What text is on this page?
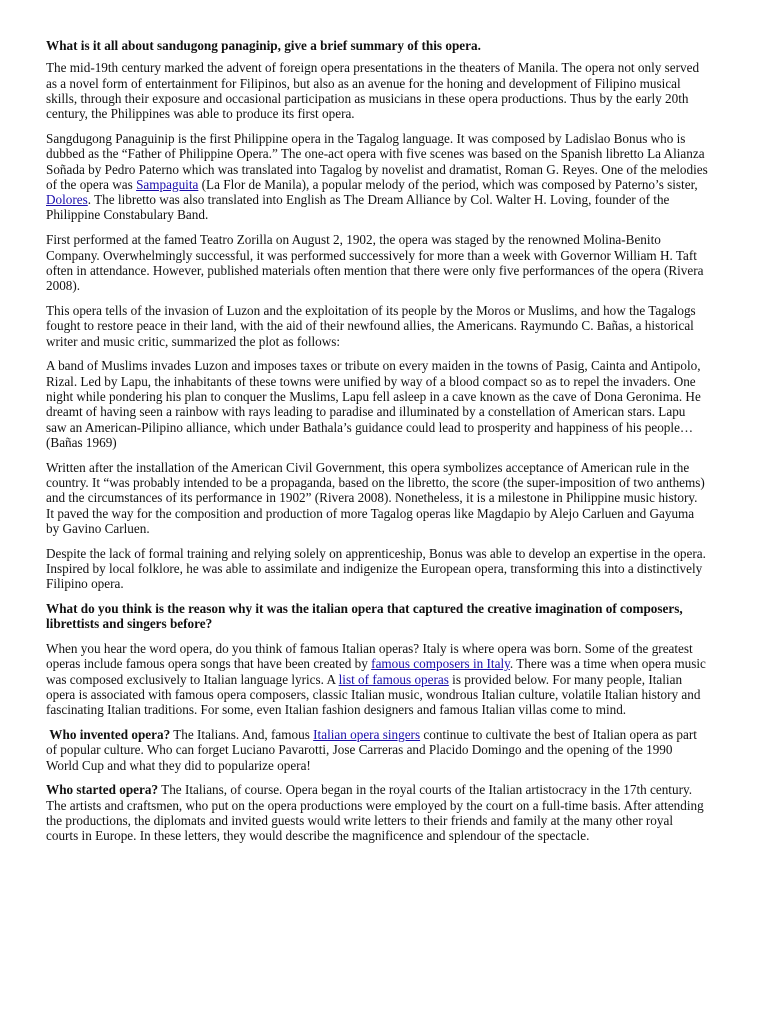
What is it all about sandugong panaginip, give a brief summary of this opera.

The mid-19th century marked the advent of foreign opera presentations in the theaters of Manila. The opera not only served as a novel form of entertainment for Filipinos, but also as an avenue for the honing and development of Filipino musical skills, through their exposure and occasional participation as musicians in these opera productions. Thus by the early 20th century, the Philippines was able to produce its first opera.

Sangdugong Panaguinip is the first Philippine opera in the Tagalog language. It was composed by Ladislao Bonus who is dubbed as the “Father of Philippine Opera.” The one-act opera with five scenes was based on the Spanish libretto La Alianza Soñada by Pedro Paterno which was translated into Tagalog by novelist and dramatist, Roman G. Reyes. One of the melodies of the opera was Sampaguita (La Flor de Manila), a popular melody of the period, which was composed by Paterno’s sister, Dolores. The libretto was also translated into English as The Dream Alliance by Col. Walter H. Loving, founder of the Philippine Constabulary Band.

First performed at the famed Teatro Zorilla on August 2, 1902, the opera was staged by the renowned Molina-Benito Company. Overwhelmingly successful, it was performed successively for more than a week with Governor William H. Taft often in attendance. However, published materials often mention that there were only five performances of the opera (Rivera 2008).

This opera tells of the invasion of Luzon and the exploitation of its people by the Moros or Muslims, and how the Tagalogs fought to restore peace in their land, with the aid of their newfound allies, the Americans. Raymundo C. Bañas, a historical writer and music critic, summarized the plot as follows:

A band of Muslims invades Luzon and imposes taxes or tribute on every maiden in the towns of Pasig, Cainta and Antipolo, Rizal. Led by Lapu, the inhabitants of these towns were unified by way of a blood compact so as to repel the invaders. One night while pondering his plan to conquer the Muslims, Lapu fell asleep in a cave known as the cave of Dona Geronima. He dreamt of having seen a rainbow with rays leading to paradise and illuminated by a constellation of American stars. Lapu saw an American-Pilipino alliance, which under Bathala’s guidance could lead to prosperity and happiness of his people… (Bañas 1969)

Written after the installation of the American Civil Government, this opera symbolizes acceptance of American rule in the country. It “was probably intended to be a propaganda, based on the libretto, the score (the super-imposition of two anthems) and the circumstances of its performance in 1902” (Rivera 2008). Nonetheless, it is a milestone in Philippine music history. It paved the way for the composition and production of more Tagalog operas like Magdapio by Alejo Carluen and Gayuma by Gavino Carluen.

Despite the lack of formal training and relying solely on apprenticeship, Bonus was able to develop an expertise in the opera. Inspired by local folklore, he was able to assimilate and indigenize the European opera, transforming this into a distinctively Filipino opera.

What do you think is the reason why it was the italian opera that captured the creative imagination of composers, librettists and singers before?

When you hear the word opera, do you think of famous Italian operas? Italy is where opera was born. Some of the greatest operas include famous opera songs that have been created by famous composers in Italy. There was a time when opera music was composed exclusively to Italian language lyrics. A list of famous operas is provided below. For many people, Italian opera is associated with famous opera composers, classic Italian music, wondrous Italian culture, volatile Italian history and fascinating Italian traditions. For some, even Italian fashion designers and famous Italian villas come to mind.

Who invented opera? The Italians. And, famous Italian opera singers continue to cultivate the best of Italian opera as part of popular culture. Who can forget Luciano Pavarotti, Jose Carreras and Placido Domingo and the opening of the 1990 World Cup and what they did to popularize opera!

Who started opera? The Italians, of course. Opera began in the royal courts of the Italian artistocracy in the 17th century. The artists and craftsmen, who put on the opera productions were employed by the court on a full-time basis. After attending the productions, the diplomats and invited guests would write letters to their friends and family at the many other royal courts in Europe. In these letters, they would describe the magnificence and splendour of the spectacle.
